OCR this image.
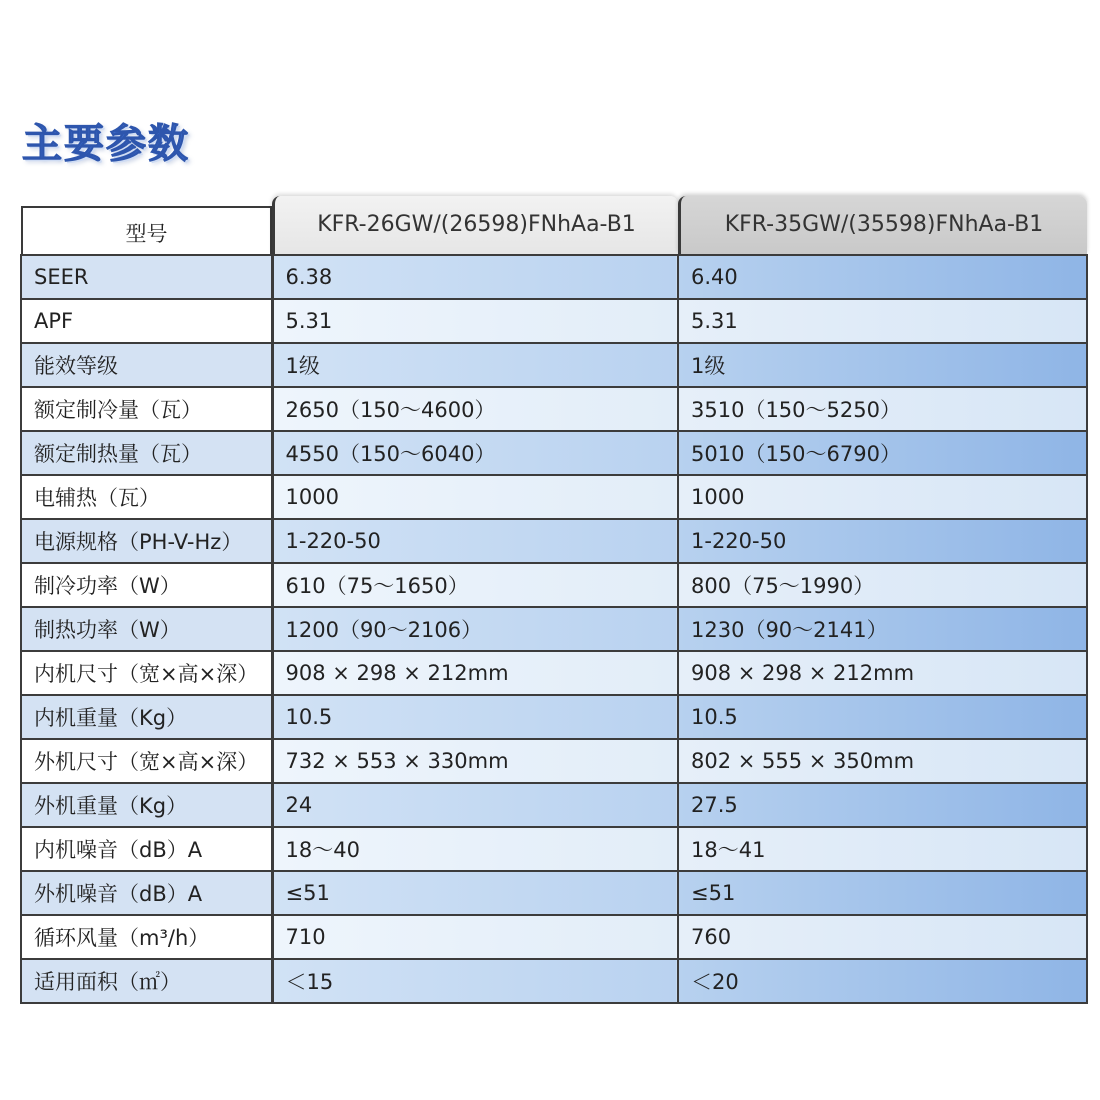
主要参数
型号	KFR-26GW/(26598)FNhAa-B1	KFR-35GW/(35598)FNhAa-B1

SEER	6.38	6.40
APF	5.31	5.31
能效等级	1级	1级
额定制冷量（瓦）	2650（150～4600）	3510（150～5250）
额定制热量（瓦）	4550（150～6040）	5010（150～6790）
电辅热（瓦）	1000	1000
电源规格（PH-V-Hz）	1-220-50	1-220-50
制冷功率（W）	610（75～1650）	800（75～1990）
制热功率（W）	1200（90～2106）	1230（90～2141）
内机尺寸（宽×高×深）	908 × 298 × 212mm	908 × 298 × 212mm
内机重量（Kg）	10.5	10.5
外机尺寸（宽×高×深）	732 × 553 × 330mm	802 × 555 × 350mm
外机重量（Kg）	24	27.5
内机噪音（dB）A	18～40	18～41
外机噪音（dB）A	≤51	≤51
循环风量（m³/h）	710	760
适用面积（㎡）	＜15	＜20
